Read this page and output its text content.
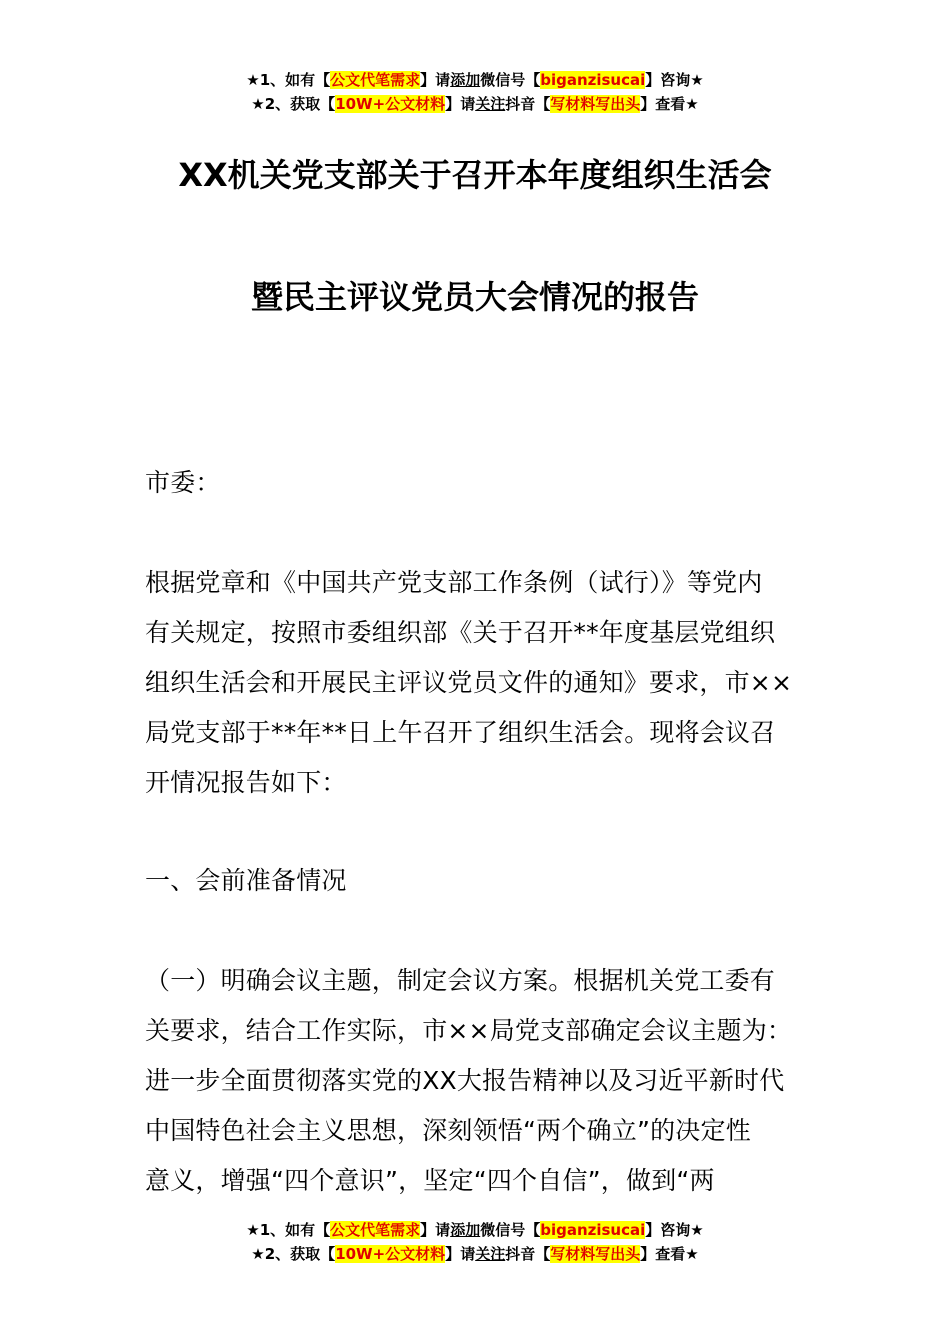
★1、如有【公文代笔需求】请添加微信号【biganzisucai】咨询★
★2、获取【10W+公文材料】请关注抖音【写材料写出头】查看★
XX机关党支部关于召开本年度组织生活会
暨民主评议党员大会情况的报告
市委：
根据党章和《中国共产党支部工作条例（试行）》等党内
有关规定，按照市委组织部《关于召开**年度基层党组织
组织生活会和开展民主评议党员文件的通知》要求，市××
局党支部于**年**日上午召开了组织生活会。现将会议召
开情况报告如下：
一、会前准备情况
（一）明确会议主题，制定会议方案。根据机关党工委有
关要求，结合工作实际，市××局党支部确定会议主题为：
进一步全面贯彻落实党的XX大报告精神以及习近平新时代
中国特色社会主义思想，深刻领悟“两个确立”的决定性
意义，增强“四个意识”，坚定“四个自信”，做到“两
★1、如有【公文代笔需求】请添加微信号【biganzisucai】咨询★
★2、获取【10W+公文材料】请关注抖音【写材料写出头】查看★
